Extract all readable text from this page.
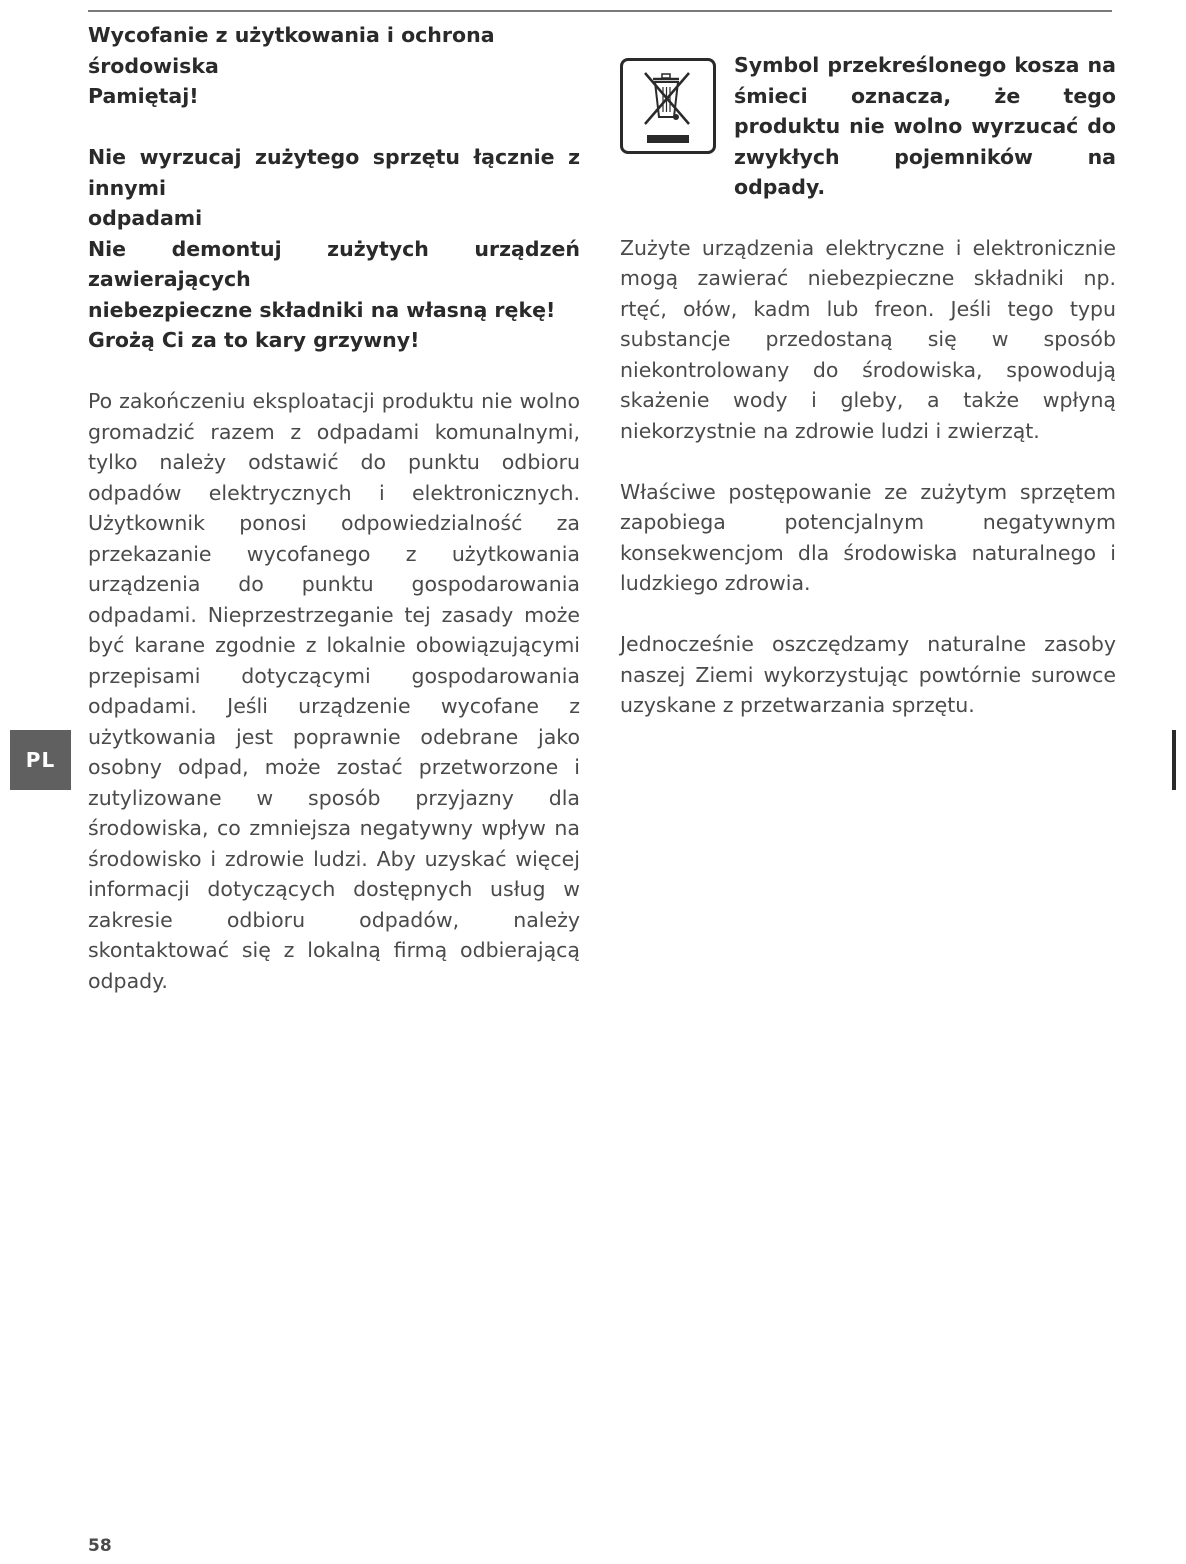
Wycofanie z użytkowania i ochrona środowiska

Pamiętaj!

Nie wyrzucaj zużytego sprzętu łącznie z innymi

odpadami

Nie demontuj zużytych urządzeń zawierających

niebezpieczne składniki na własną rękę!

Grożą Ci za to kary grzywny!

Po zakończeniu eksploatacji produktu nie wolno gromadzić razem z odpadami komunalnymi, tylko należy odstawić do punktu odbioru odpadów elektrycznych i elektronicznych. Użytkownik ponosi odpowiedzialność za przekazanie wycofanego z użytkowania urządzenia do punktu gospodarowania odpadami. Nieprzestrzeganie tej zasady może być karane zgodnie z lokalnie obowiązującymi przepisami dotyczącymi gospodarowania odpadami. Jeśli urządzenie wycofane z użytkowania jest poprawnie odebrane jako osobny odpad, może zostać przetworzone i zutylizowane w sposób przyjazny dla środowiska, co zmniejsza negatywny wpływ na środowisko i zdrowie ludzi. Aby uzyskać więcej informacji dotyczących dostępnych usług w zakresie odbioru odpadów, należy skontaktować się z lokalną firmą odbierającą odpady.

Symbol przekreślonego kosza na śmieci oznacza, że tego produktu nie wolno wyrzucać do zwykłych pojemników na odpady.

Zużyte urządzenia elektryczne i elektronicznie mogą zawierać niebezpieczne składniki np. rtęć, ołów, kadm lub freon. Jeśli tego typu substancje przedostaną się w sposób niekontrolowany do środowiska, spowodują skażenie wody i gleby, a także wpłyną niekorzystnie na zdrowie ludzi i zwierząt.

Właściwe postępowanie ze zużytym sprzętem zapobiega potencjalnym negatywnym konsekwencjom dla środowiska naturalnego i ludzkiego zdrowia.

Jednocześnie oszczędzamy naturalne zasoby naszej Ziemi wykorzystując powtórnie surowce uzyskane z przetwarzania sprzętu.

PL
58
